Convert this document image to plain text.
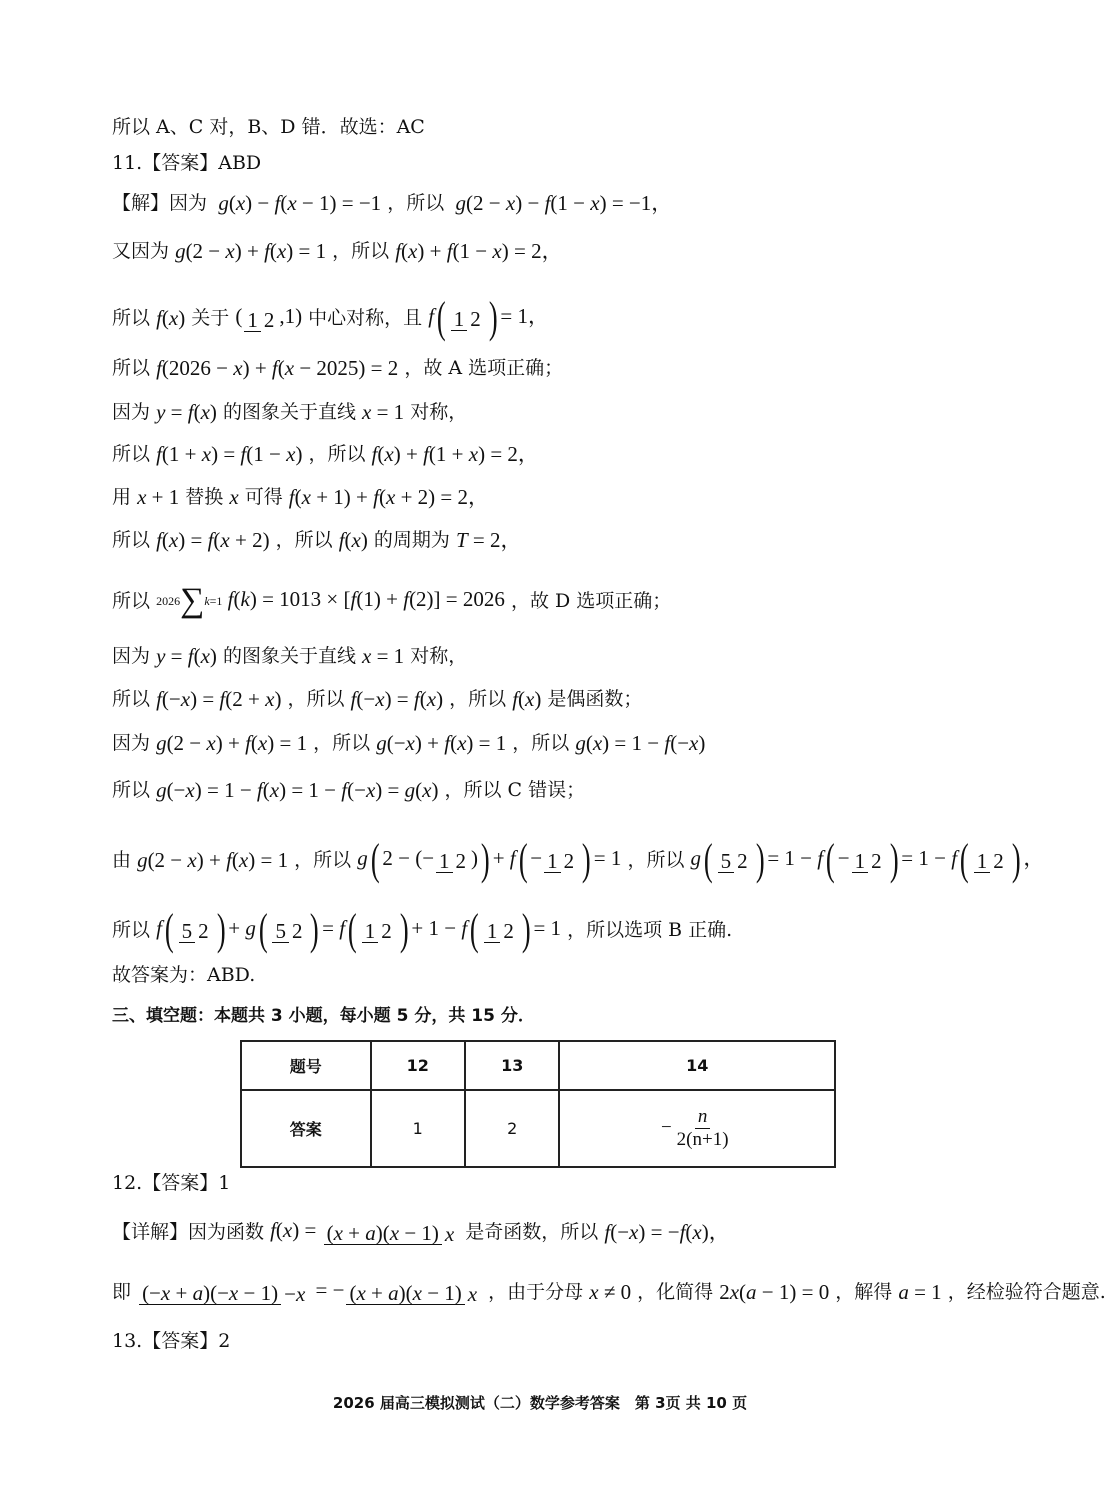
所以 A、C 对，B、D 错．故选：AC
11.【答案】ABD
【解】因为 g(x) − f(x − 1) = −1 ，所以 g(2 − x) − f(1 − x) = −1，
又因为 g(2 − x) + f(x) = 1 ，所以 f(x) + f(1 − x) = 2，
所以 f(x) 关于 ( 1 2 ,1) 中心对称，且 f( 1 2 ) = 1，
所以 f(2026 − x) + f(x − 2025) = 2 ，故 A 选项正确；
因为 y = f(x) 的图象关于直线 x = 1 对称，
所以 f(1 + x) = f(1 − x) ，所以 f(x) + f(1 + x) = 2，
用 x + 1 替换 x 可得 f(x + 1) + f(x + 2) = 2，
所以 f(x) = f(x + 2) ，所以 f(x) 的周期为 T = 2，
所以 2026∑k=1 f(k) = 1013 × [f(1) + f(2)] = 2026 ，故 D 选项正确；
因为 y = f(x) 的图象关于直线 x = 1 对称，
所以 f(−x) = f(2 + x) ，所以 f(−x) = f(x) ，所以 f(x) 是偶函数；
因为 g(2 − x) + f(x) = 1 ，所以 g(−x) + f(x) = 1 ，所以 g(x) = 1 − f(−x)
所以 g(−x) = 1 − f(x) = 1 − f(−x) = g(x) ，所以 C 错误；
由 g(2 − x) + f(x) = 1 ，所以 g( 2 − (− 1 2 )) + f( − 1 2 ) = 1 ，所以 g( 5 2 ) = 1 − f( − 1 2 ) = 1 − f( 1 2 ) ，
所以 f( 5 2 ) + g( 5 2 ) = f( 1 2 ) + 1 − f( 1 2 ) = 1 ，所以选项 B 正确.
故答案为：ABD.
三、填空题：本题共 3 小题，每小题 5 分，共 15 分．
题号	12	13	14
答案	1	2	− $\frac{n}{2(n+1)}$
12.【答案】1
【详解】因为函数 f(x) = (x + a)(x − 1) x 是奇函数，所以 f(−x) = −f(x)，
即 (−x + a)(−x − 1) −x = − (x + a)(x − 1) x ，由于分母 x ≠ 0 ，化简得 2x(a − 1) = 0 ，解得 a = 1 ，经检验符合题意.
13.【答案】2
2026 届高三模拟测试（二）数学参考答案　第 3页 共 10 页
